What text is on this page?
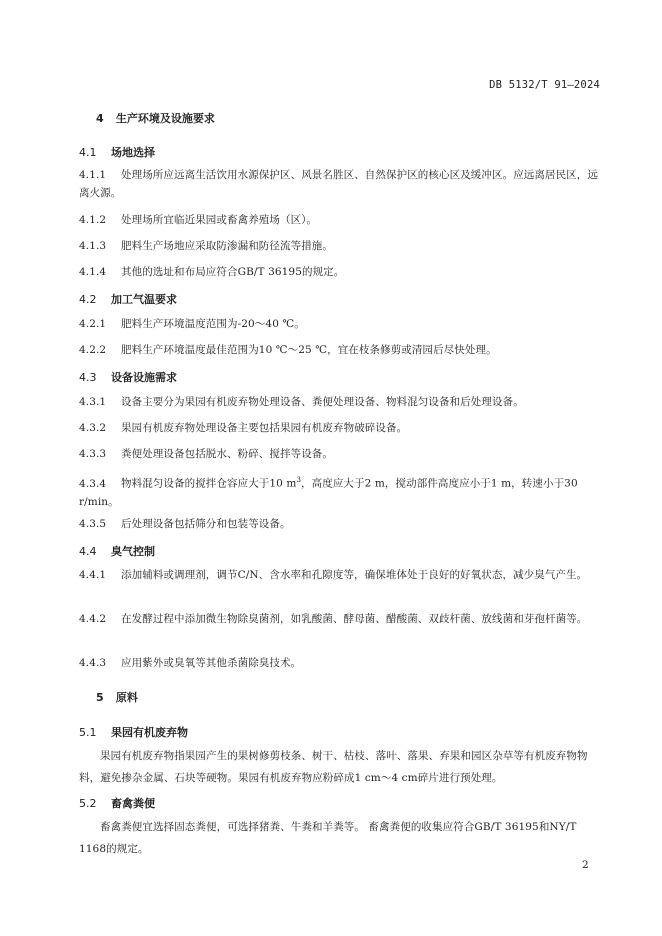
DB 5132/T 91—2024
4 生产环境及设施要求
4.1 场地选择
4.1.1 处理场所应远离生活饮用水源保护区、风景名胜区、自然保护区的核心区及缓冲区。应远离居民区，远离火源。
4.1.2 处理场所宜临近果园或畜禽养殖场（区）。
4.1.3 肥料生产场地应采取防渗漏和防径流等措施。
4.1.4 其他的选址和布局应符合GB/T 36195的规定。
4.2 加工气温要求
4.2.1 肥料生产环境温度范围为-20～40 ℃。
4.2.2 肥料生产环境温度最佳范围为10 ℃～25 ℃，宜在枝条修剪或清园后尽快处理。
4.3 设备设施需求
4.3.1 设备主要分为果园有机废弃物处理设备、粪便处理设备、物料混匀设备和后处理设备。
4.3.2 果园有机废弃物处理设备主要包括果园有机废弃物破碎设备。
4.3.3 粪便处理设备包括脱水、粉碎、搅拌等设备。
4.3.4 物料混匀设备的搅拌仓容应大于10 $m^3$，高度应大于2 m，搅动部件高度应小于1 m，转速小于30 r/min。
4.3.5 后处理设备包括筛分和包装等设备。
4.4 臭气控制
4.4.1 添加辅料或调理剂，调节C/N、含水率和孔隙度等，确保堆体处于良好的好氧状态，减少臭气产生。
4.4.2 在发酵过程中添加微生物除臭菌剂，如乳酸菌、酵母菌、醋酸菌、双歧杆菌、放线菌和芽孢杆菌等。
4.4.3 应用紫外或臭氧等其他杀菌除臭技术。
5 原料
5.1 果园有机废弃物
果园有机废弃物指果园产生的果树修剪枝条、树干、枯枝、落叶、落果、弃果和园区杂草等有机废弃物物料，避免掺杂金属、石块等硬物。果园有机废弃物应粉碎成1 cm～4 cm碎片进行预处理。
5.2 畜禽粪便
畜禽粪便宜选择固态粪便，可选择猪粪、牛粪和羊粪等。 畜禽粪便的收集应符合GB/T 36195和NY/T 1168的规定。
2
